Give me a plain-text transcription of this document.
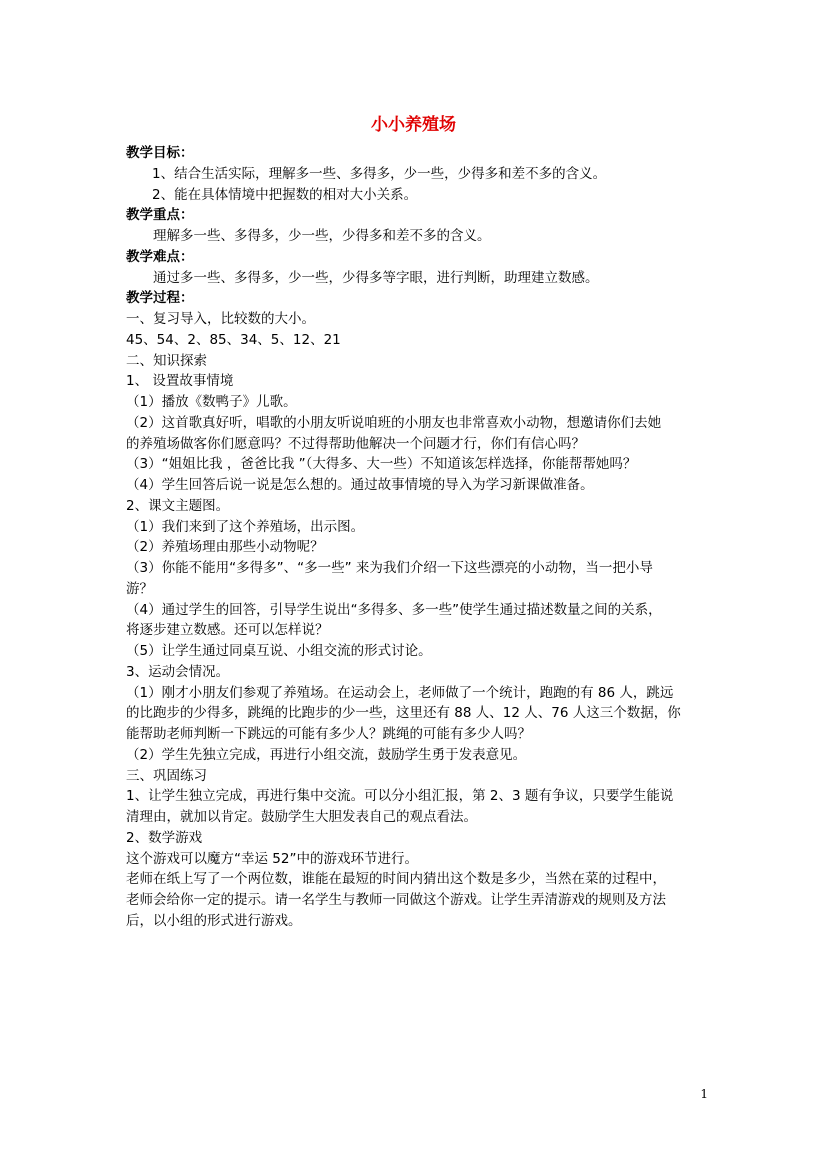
小小养殖场
教学目标：
1、结合生活实际，理解多一些、多得多，少一些，少得多和差不多的含义。
2、能在具体情境中把握数的相对大小关系。
教学重点：
理解多一些、多得多，少一些，少得多和差不多的含义。
教学难点：
通过多一些、多得多，少一些，少得多等字眼，进行判断，助理建立数感。
教学过程：
一、复习导入，比较数的大小。
45、54、2、85、34、5、12、21
二、知识探索
1、 设置故事情境
（1）播放《数鸭子》儿歌。
（2）这首歌真好听，唱歌的小朋友听说咱班的小朋友也非常喜欢小动物，想邀请你们去她
的养殖场做客你们愿意吗？不过得帮助他解决一个问题才行，你们有信心吗？
（3）“姐姐比我 ，爸爸比我 ”（大得多、大一些）不知道该怎样选择，你能帮帮她吗？
（4）学生回答后说一说是怎么想的。通过故事情境的导入为学习新课做准备。
2、课文主题图。
（1）我们来到了这个养殖场，出示图。
（2）养殖场理由那些小动物呢？
（3）你能不能用“多得多”、“多一些” 来为我们介绍一下这些漂亮的小动物，当一把小导
游？
（4）通过学生的回答，引导学生说出“多得多、多一些”使学生通过描述数量之间的关系，
将逐步建立数感。还可以怎样说？
（5）让学生通过同桌互说、小组交流的形式讨论。
3、运动会情况。
（1）刚才小朋友们参观了养殖场。在运动会上，老师做了一个统计，跑跑的有 86 人，跳远
的比跑步的少得多，跳绳的比跑步的少一些，这里还有 88 人、12 人、76 人这三个数据，你
能帮助老师判断一下跳远的可能有多少人？跳绳的可能有多少人吗？
（2）学生先独立完成，再进行小组交流，鼓励学生勇于发表意见。
三、巩固练习
1、让学生独立完成，再进行集中交流。可以分小组汇报，第 2、3 题有争议，只要学生能说
清理由，就加以肯定。鼓励学生大胆发表自己的观点看法。
2、数学游戏
这个游戏可以魔方“幸运 52”中的游戏环节进行。
老师在纸上写了一个两位数，谁能在最短的时间内猜出这个数是多少，当然在菜的过程中，
老师会给你一定的提示。请一名学生与教师一同做这个游戏。让学生弄清游戏的规则及方法
后，以小组的形式进行游戏。
1
